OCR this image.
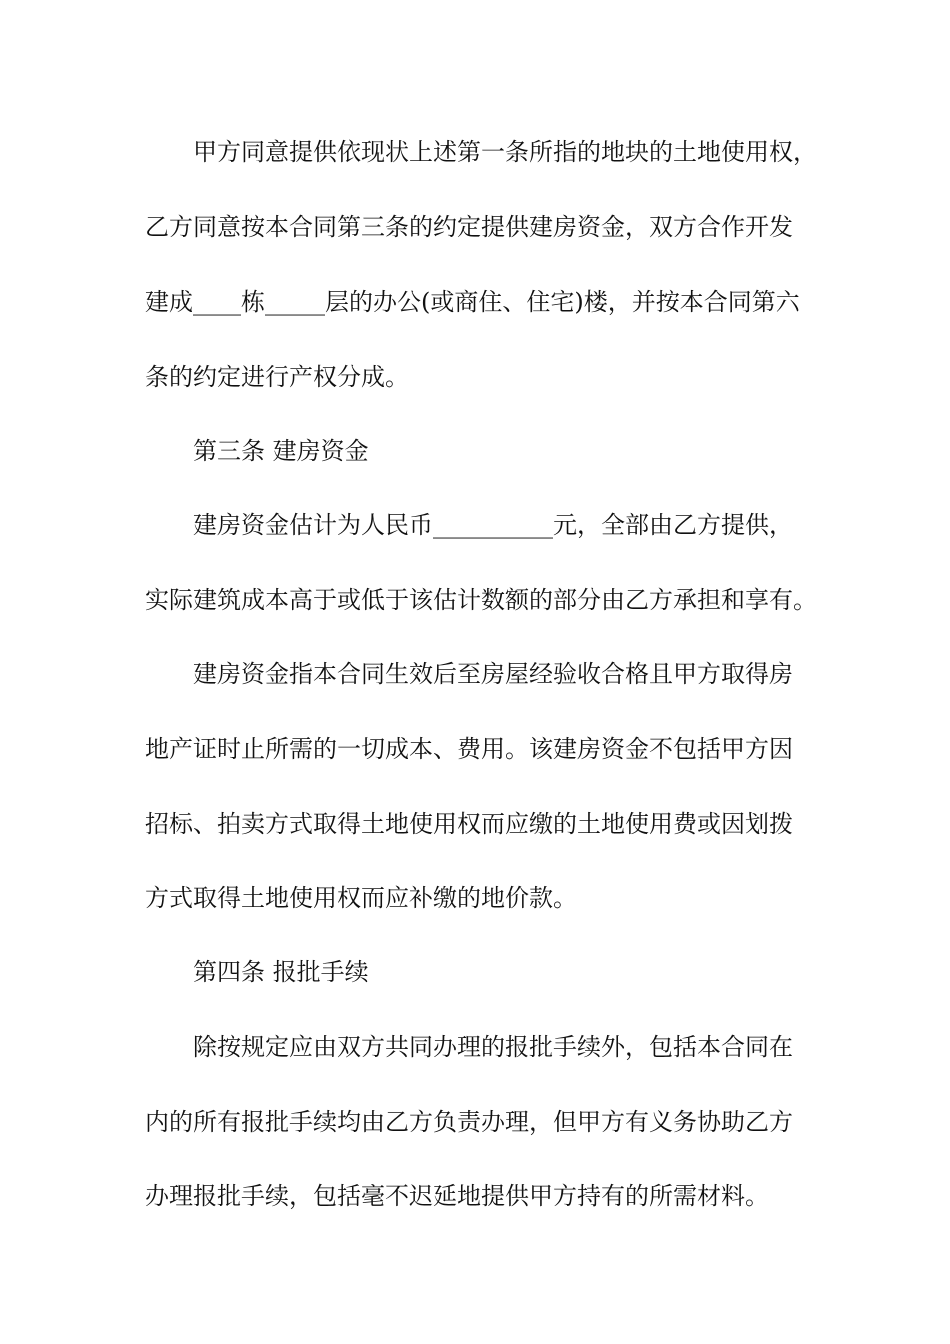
甲方同意提供依现状上述第一条所指的地块的土地使用权，

乙方同意按本合同第三条的约定提供建房资金，双方合作开发

建成____栋_____层的办公(或商住、住宅)楼，并按本合同第六

条的约定进行产权分成。

第三条 建房资金

建房资金估计为人民币__________元，全部由乙方提供，

实际建筑成本高于或低于该估计数额的部分由乙方承担和享有。

建房资金指本合同生效后至房屋经验收合格且甲方取得房

地产证时止所需的一切成本、费用。该建房资金不包括甲方因

招标、拍卖方式取得土地使用权而应缴的土地使用费或因划拨

方式取得土地使用权而应补缴的地价款。

第四条 报批手续

除按规定应由双方共同办理的报批手续外，包括本合同在

内的所有报批手续均由乙方负责办理，但甲方有义务协助乙方

办理报批手续，包括毫不迟延地提供甲方持有的所需材料。
